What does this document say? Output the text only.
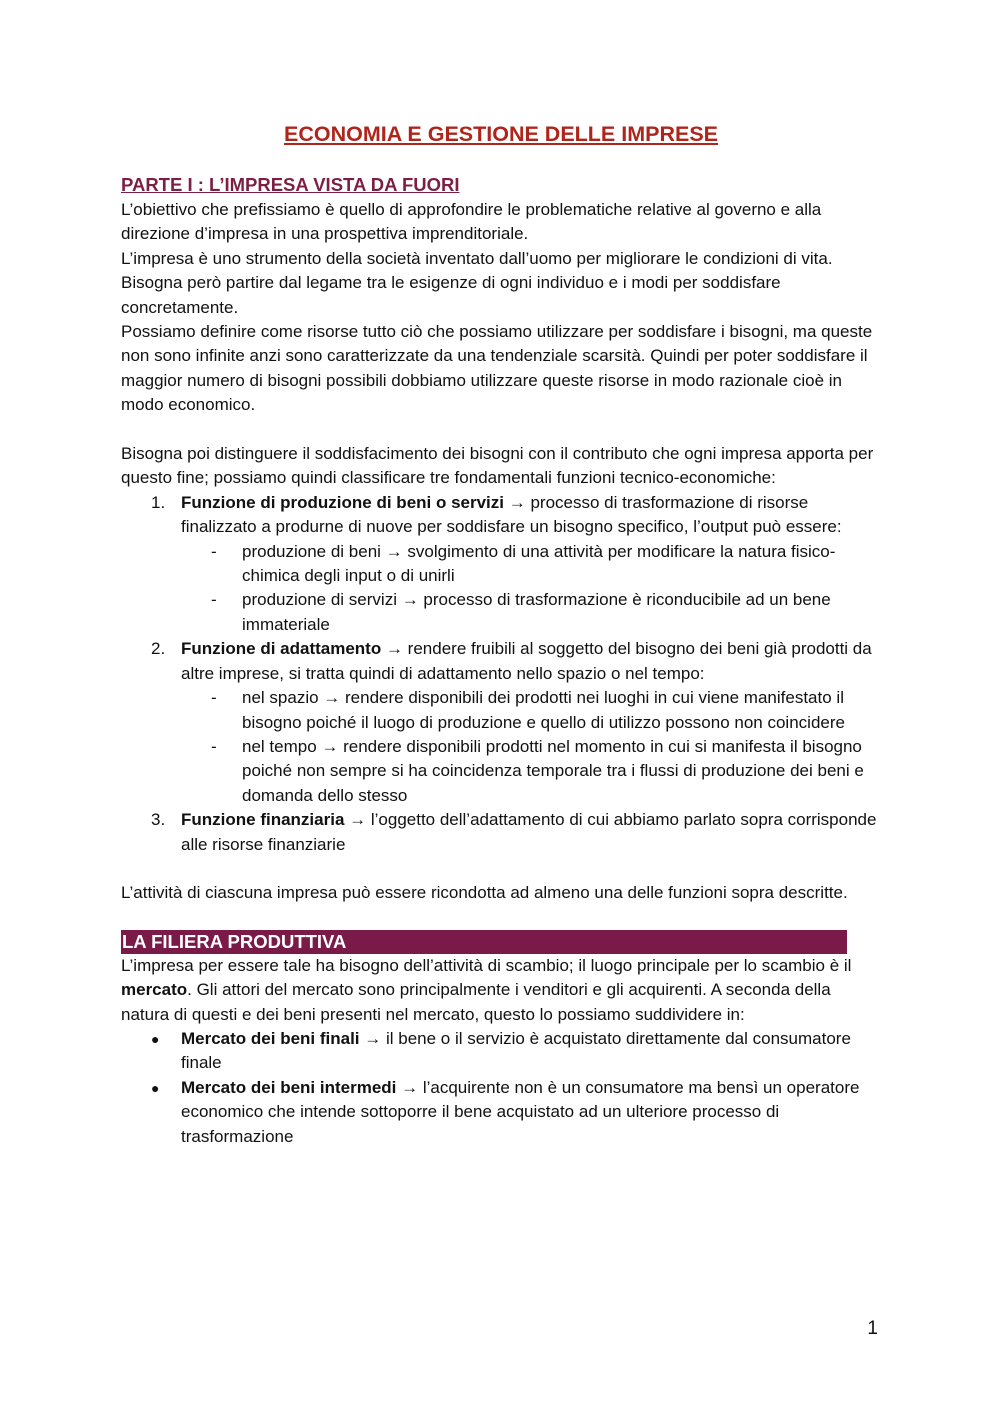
ECONOMIA E GESTIONE DELLE IMPRESE
PARTE I : L’IMPRESA VISTA DA FUORI

L’obiettivo che prefissiamo è quello di approfondire le problematiche relative al governo e alla direzione d’impresa in una prospettiva imprenditoriale.

L’impresa è uno strumento della società inventato dall’uomo per migliorare le condizioni di vita. Bisogna però partire dal legame tra le esigenze di ogni individuo e i modi per soddisfare concretamente.

Possiamo definire come risorse tutto ciò che possiamo utilizzare per soddisfare i bisogni, ma queste non sono infinite anzi sono caratterizzate da una tendenziale scarsità. Quindi per poter soddisfare il maggior numero di bisogni possibili dobbiamo utilizzare queste risorse in modo razionale cioè in modo economico.

Bisogna poi distinguere il soddisfacimento dei bisogni con il contributo che ogni impresa apporta per questo fine; possiamo quindi classificare tre fondamentali funzioni tecnico-economiche:

1. Funzione di produzione di beni o servizi → processo di trasformazione di risorse finalizzato a produrne di nuove per soddisfare un bisogno specifico, l’output può essere:
- produzione di beni → svolgimento di una attività per modificare la natura fisico-chimica degli input o di unirli
- produzione di servizi → processo di trasformazione è riconducibile ad un bene immateriale
2. Funzione di adattamento → rendere fruibili al soggetto del bisogno dei beni già prodotti da altre imprese, si tratta quindi di adattamento nello spazio o nel tempo:
- nel spazio → rendere disponibili dei prodotti nei luoghi in cui viene manifestato il bisogno poiché il luogo di produzione e quello di utilizzo possono non coincidere
- nel tempo → rendere disponibili prodotti nel momento in cui si manifesta il bisogno poiché non sempre si ha coincidenza temporale tra i flussi di produzione dei beni e domanda dello stesso
3. Funzione finanziaria → l’oggetto dell’adattamento di cui abbiamo parlato sopra corrisponde alle risorse finanziarie

L’attività di ciascuna impresa può essere ricondotta ad almeno una delle funzioni sopra descritte.

LA FILIERA PRODUTTIVA

L’impresa per essere tale ha bisogno dell’attività di scambio; il luogo principale per lo scambio è il mercato. Gli attori del mercato sono principalmente i venditori e gli acquirenti. A seconda della natura di questi e dei beni presenti nel mercato, questo lo possiamo suddividere in:

● Mercato dei beni finali → il bene o il servizio è acquistato direttamente dal consumatore finale
● Mercato dei beni intermedi → l’acquirente non è un consumatore ma bensì un operatore economico che intende sottoporre il bene acquistato ad un ulteriore processo di trasformazione
1
